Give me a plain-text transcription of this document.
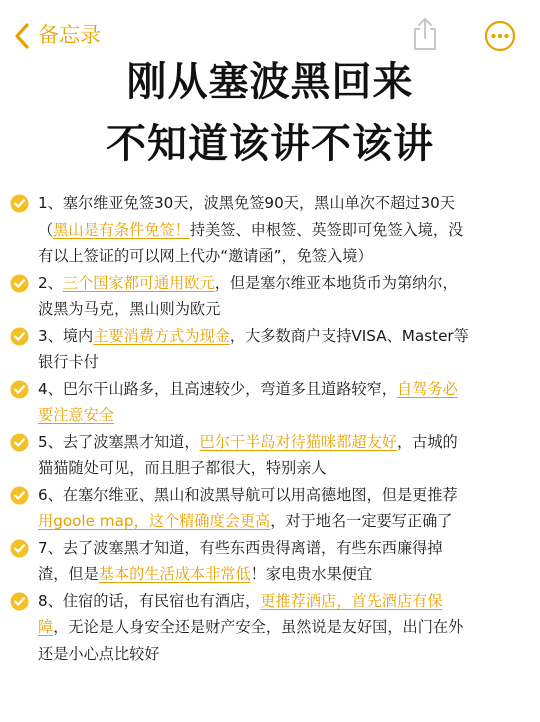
备忘录
刚从塞波黑回来
不知道该讲不该讲
1、塞尔维亚免签30天，波黑免签90天，黑山单次不超过30天
（黑山是有条件免签！持美签、申根签、英签即可免签入境，没
有以上签证的可以网上代办“邀请函”，免签入境）
2、三个国家都可通用欧元，但是塞尔维亚本地货币为第纳尔，
波黑为马克，黑山则为欧元
3、境内主要消费方式为现金，大多数商户支持VISA、Master等
银行卡付
4、巴尔干山路多，且高速较少，弯道多且道路较窄，自驾务必
要注意安全
5、去了波塞黑才知道，巴尔干半岛对待猫咪都超友好，古城的
猫猫随处可见，而且胆子都很大，特别亲人
6、在塞尔维亚、黑山和波黑导航可以用高德地图，但是更推荐
用goole map，这个精确度会更高，对于地名一定要写正确了
7、去了波塞黑才知道，有些东西贵得离谱，有些东西廉得掉
渣，但是基本的生活成本非常低！家电贵水果便宜
8、住宿的话，有民宿也有酒店，更推荐酒店，首先酒店有保
障，无论是人身安全还是财产安全，虽然说是友好国，出门在外
还是小心点比较好
